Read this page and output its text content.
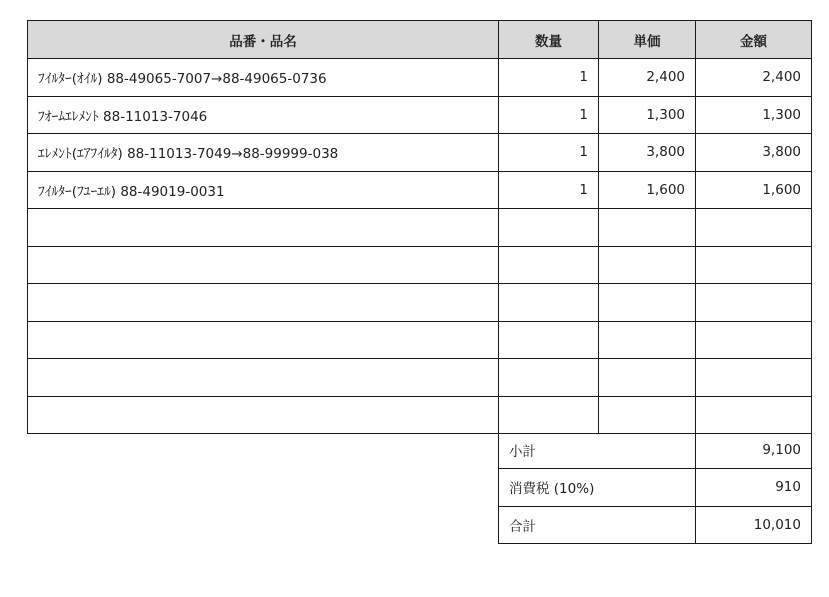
品番・品名	数量	単価	金額
ﾌｲﾙﾀｰ(ｵｲﾙ) 88-49065-7007→88-49065-0736	1	2,400	2,400
ﾌｵｰﾑｴﾚﾒﾝﾄ 88-11013-7046	1	1,300	1,300
ｴﾚﾒﾝﾄ(ｴｱﾌｲﾙﾀ) 88-11013-7049→88-99999-038	1	3,800	3,800
ﾌｲﾙﾀｰ(ﾌﾕｰｴﾙ) 88-49019-0031	1	1,600	1,600

小計	9,100
消費税 (10%)	910
合計	10,010
